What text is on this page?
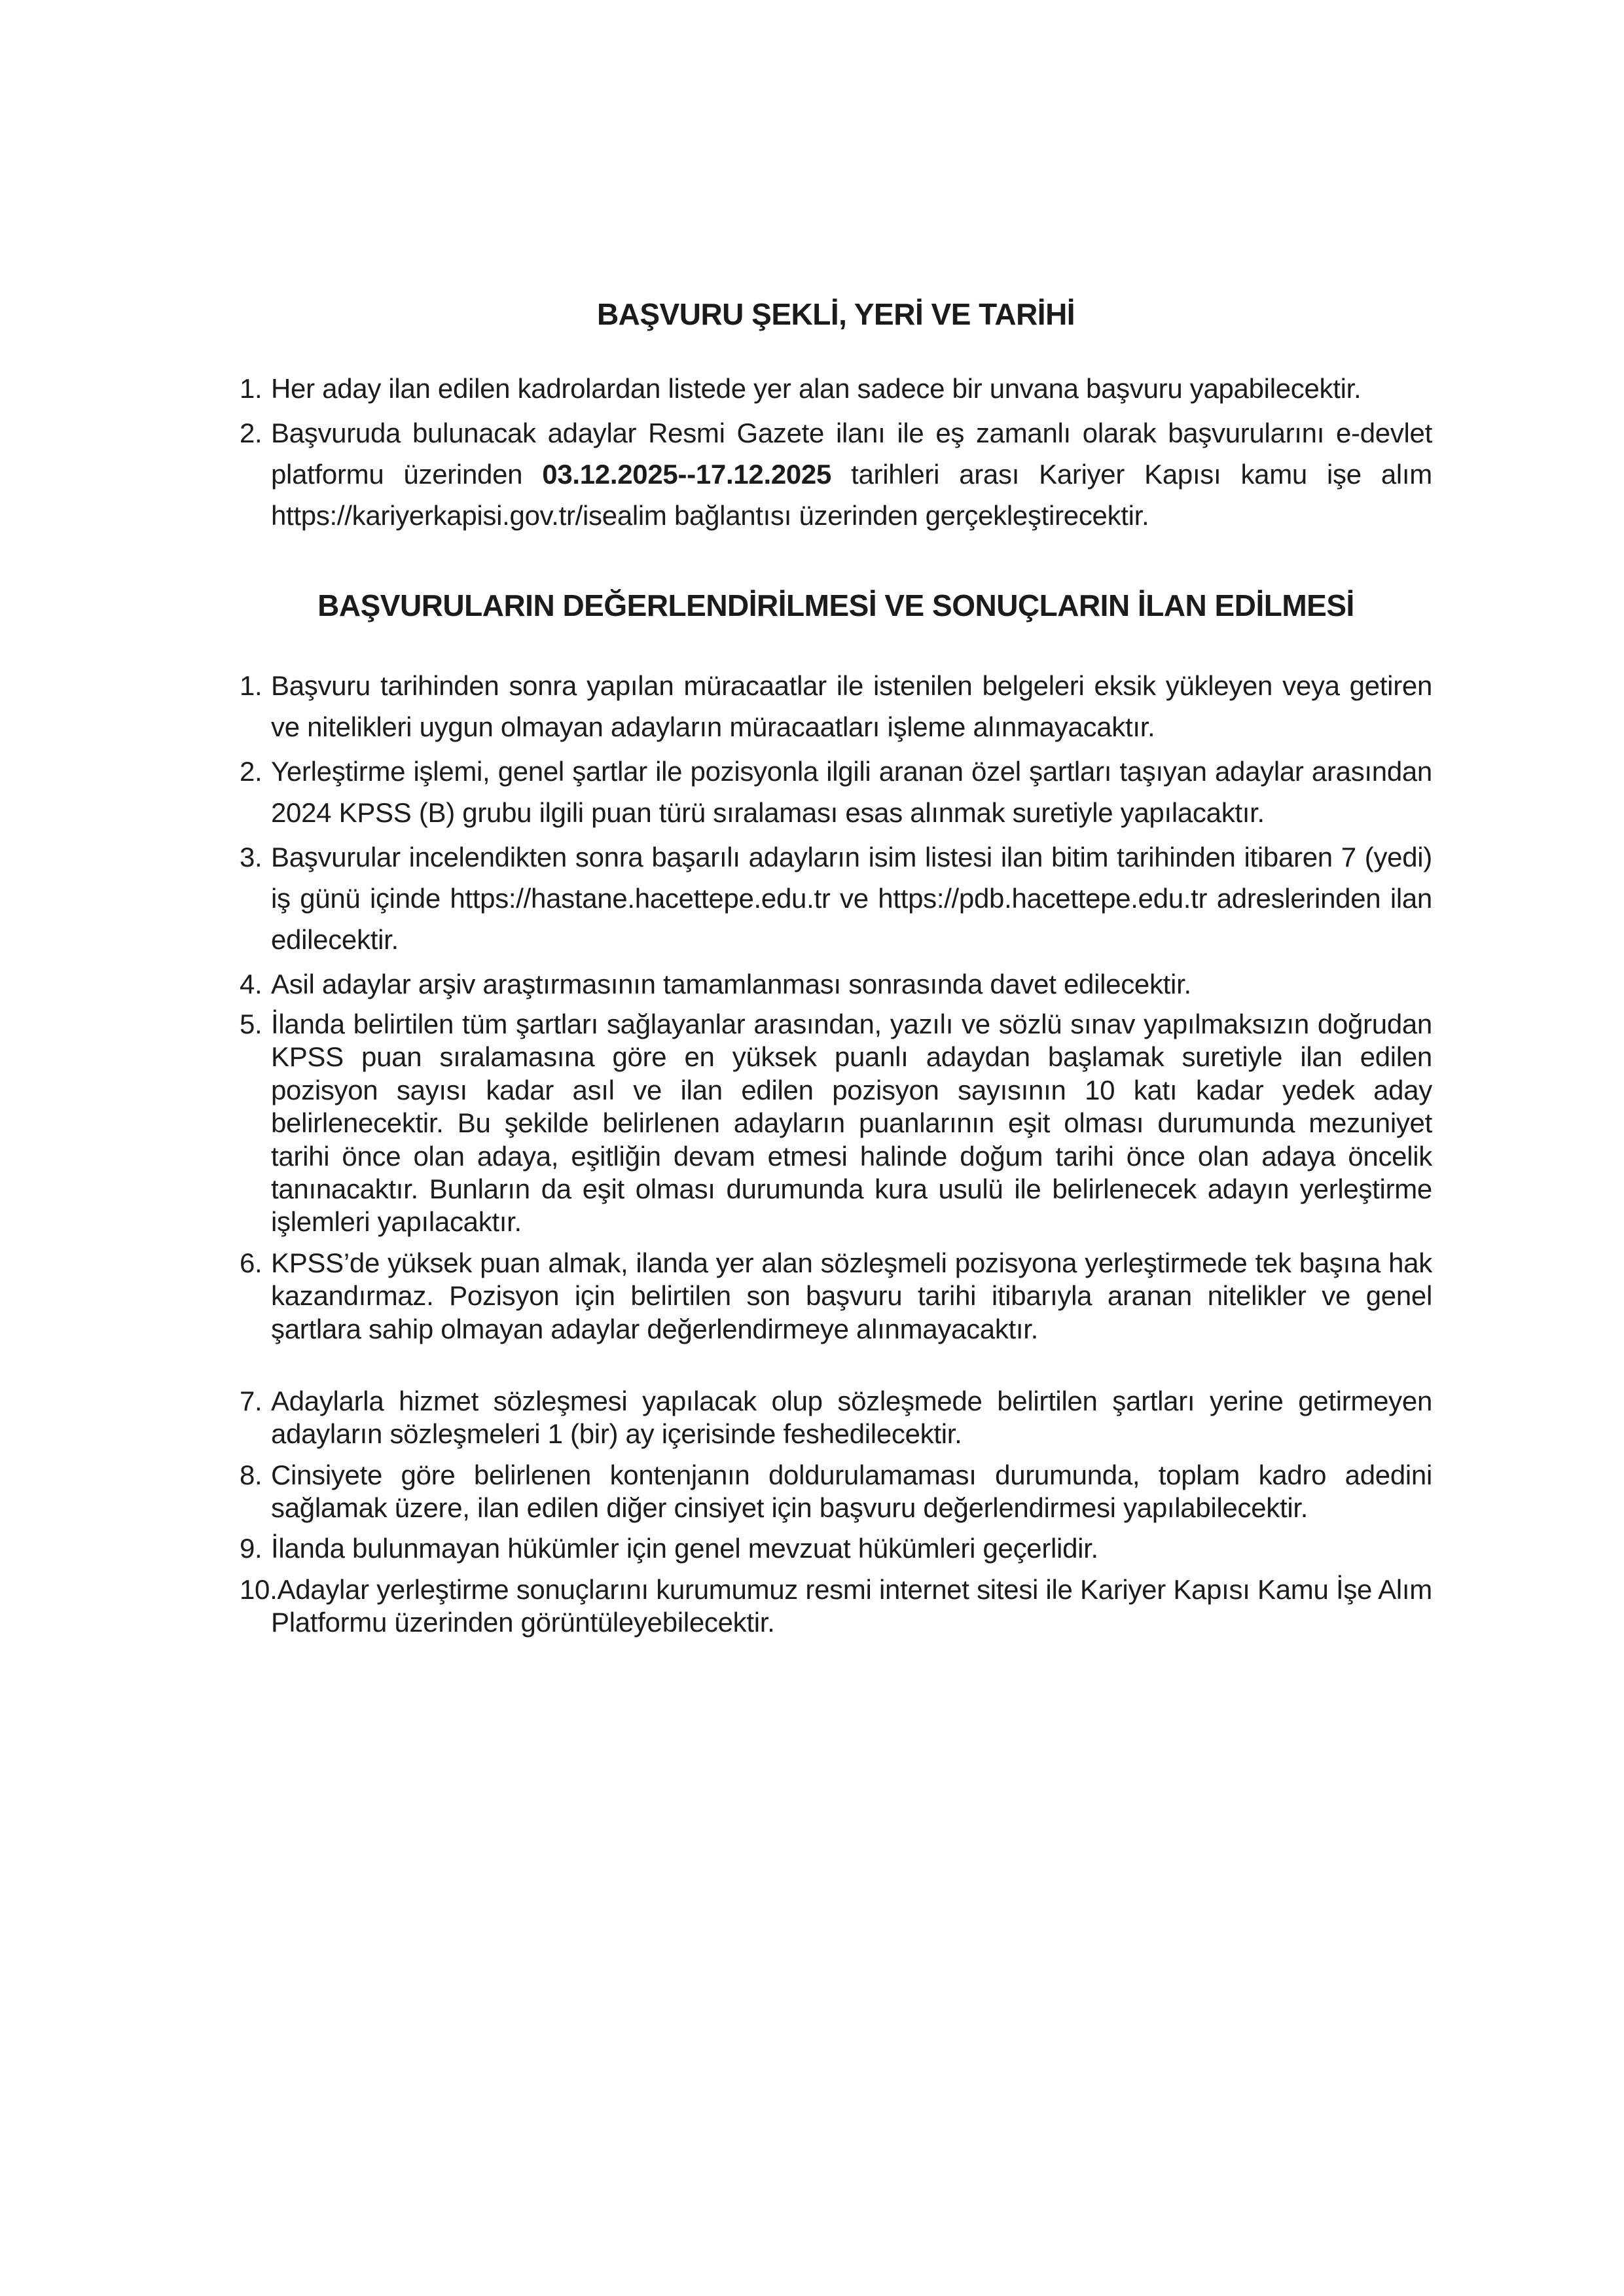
BAŞVURU ŞEKLİ, YERİ VE TARİHİ
1. Her aday ilan edilen kadrolardan listede yer alan sadece bir unvana başvuru yapabilecektir.
2. Başvuruda bulunacak adaylar Resmi Gazete ilanı ile eş zamanlı olarak başvurularını e-devlet platformu üzerinden 03.12.2025--17.12.2025 tarihleri arası Kariyer Kapısı kamu işe alım https://kariyerkapisi.gov.tr/isealim bağlantısı üzerinden gerçekleştirecektir.
BAŞVURULARIN DEĞERLENDİRİLMESİ VE SONUÇLARIN İLAN EDİLMESİ
1. Başvuru tarihinden sonra yapılan müracaatlar ile istenilen belgeleri eksik yükleyen veya getiren ve nitelikleri uygun olmayan adayların müracaatları işleme alınmayacaktır.
2. Yerleştirme işlemi, genel şartlar ile pozisyonla ilgili aranan özel şartları taşıyan adaylar arasından 2024 KPSS (B) grubu ilgili puan türü sıralaması esas alınmak suretiyle yapılacaktır.
3. Başvurular incelendikten sonra başarılı adayların isim listesi ilan bitim tarihinden itibaren 7 (yedi) iş günü içinde https://hastane.hacettepe.edu.tr ve https://pdb.hacettepe.edu.tr adreslerinden ilan edilecektir.
4. Asil adaylar arşiv araştırmasının tamamlanması sonrasında davet edilecektir.
5. İlanda belirtilen tüm şartları sağlayanlar arasından, yazılı ve sözlü sınav yapılmaksızın doğrudan KPSS puan sıralamasına göre en yüksek puanlı adaydan başlamak suretiyle ilan edilen pozisyon sayısı kadar asıl ve ilan edilen pozisyon sayısının 10 katı kadar yedek aday belirlenecektir. Bu şekilde belirlenen adayların puanlarının eşit olması durumunda mezuniyet tarihi önce olan adaya, eşitliğin devam etmesi halinde doğum tarihi önce olan adaya öncelik tanınacaktır. Bunların da eşit olması durumunda kura usulü ile belirlenecek adayın yerleştirme işlemleri yapılacaktır.
6. KPSS’de yüksek puan almak, ilanda yer alan sözleşmeli pozisyona yerleştirmede tek başına hak kazandırmaz. Pozisyon için belirtilen son başvuru tarihi itibarıyla aranan nitelikler ve genel şartlara sahip olmayan adaylar değerlendirmeye alınmayacaktır.
7. Adaylarla hizmet sözleşmesi yapılacak olup sözleşmede belirtilen şartları yerine getirmeyen adayların sözleşmeleri 1 (bir) ay içerisinde feshedilecektir.
8. Cinsiyete göre belirlenen kontenjanın doldurulamaması durumunda, toplam kadro adedini sağlamak üzere, ilan edilen diğer cinsiyet için başvuru değerlendirmesi yapılabilecektir.
9. İlanda bulunmayan hükümler için genel mevzuat hükümleri geçerlidir.
10.Adaylar yerleştirme sonuçlarını kurumumuz resmi internet sitesi ile Kariyer Kapısı Kamu İşe Alım Platformu üzerinden görüntüleyebilecektir.
